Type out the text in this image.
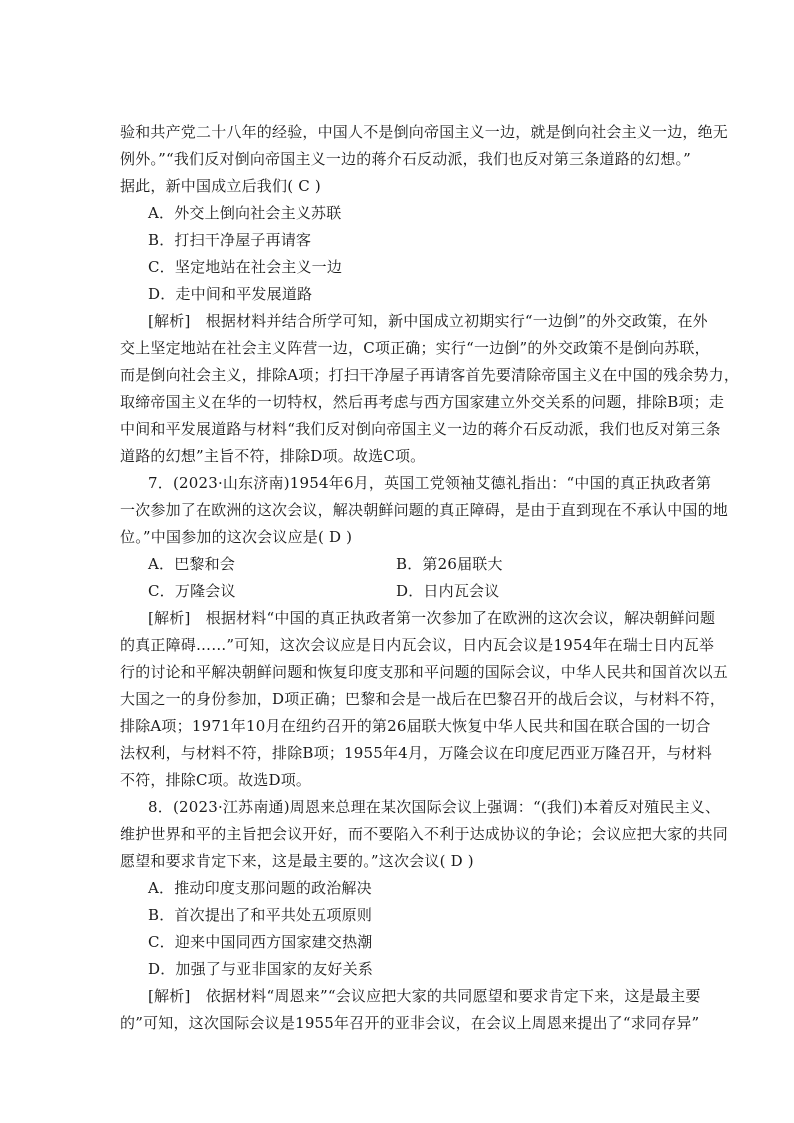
验和共产党二十八年的经验，中国人不是倒向帝国主义一边，就是倒向社会主义一边，绝无
例外。”“我们反对倒向帝国主义一边的蒋介石反动派，我们也反对第三条道路的幻想。”
据此，新中国成立后我们( C )
A．外交上倒向社会主义苏联
B．打扫干净屋子再请客
C．坚定地站在社会主义一边
D．走中间和平发展道路
[解析]　根据材料并结合所学可知，新中国成立初期实行“一边倒”的外交政策，在外
交上坚定地站在社会主义阵营一边，C项正确；实行“一边倒”的外交政策不是倒向苏联，
而是倒向社会主义，排除A项；打扫干净屋子再请客首先要清除帝国主义在中国的残余势力，
取缔帝国主义在华的一切特权，然后再考虑与西方国家建立外交关系的问题，排除B项；走
中间和平发展道路与材料“我们反对倒向帝国主义一边的蒋介石反动派，我们也反对第三条
道路的幻想”主旨不符，排除D项。故选C项。
7．(2023·山东济南)1954年6月，英国工党领袖艾德礼指出：“中国的真正执政者第
一次参加了在欧洲的这次会议，解决朝鲜问题的真正障碍，是由于直到现在不承认中国的地
位。”中国参加的这次会议应是( D )
A．巴黎和会	B．第26届联大
C．万隆会议	D．日内瓦会议
[解析]　根据材料“中国的真正执政者第一次参加了在欧洲的这次会议，解决朝鲜问题
的真正障碍……”可知，这次会议应是日内瓦会议，日内瓦会议是1954年在瑞士日内瓦举
行的讨论和平解决朝鲜问题和恢复印度支那和平问题的国际会议，中华人民共和国首次以五
大国之一的身份参加，D项正确；巴黎和会是一战后在巴黎召开的战后会议，与材料不符，
排除A项；1971年10月在纽约召开的第26届联大恢复中华人民共和国在联合国的一切合
法权利，与材料不符，排除B项；1955年4月，万隆会议在印度尼西亚万隆召开，与材料
不符，排除C项。故选D项。
8．(2023·江苏南通)周恩来总理在某次国际会议上强调：“(我们)本着反对殖民主义、
维护世界和平的主旨把会议开好，而不要陷入不利于达成协议的争论；会议应把大家的共同
愿望和要求肯定下来，这是最主要的。”这次会议( D )
A．推动印度支那问题的政治解决
B．首次提出了和平共处五项原则
C．迎来中国同西方国家建交热潮
D．加强了与亚非国家的友好关系
[解析]　依据材料“周恩来”“会议应把大家的共同愿望和要求肯定下来，这是最主要
的”可知，这次国际会议是1955年召开的亚非会议，在会议上周恩来提出了“求同存异”
